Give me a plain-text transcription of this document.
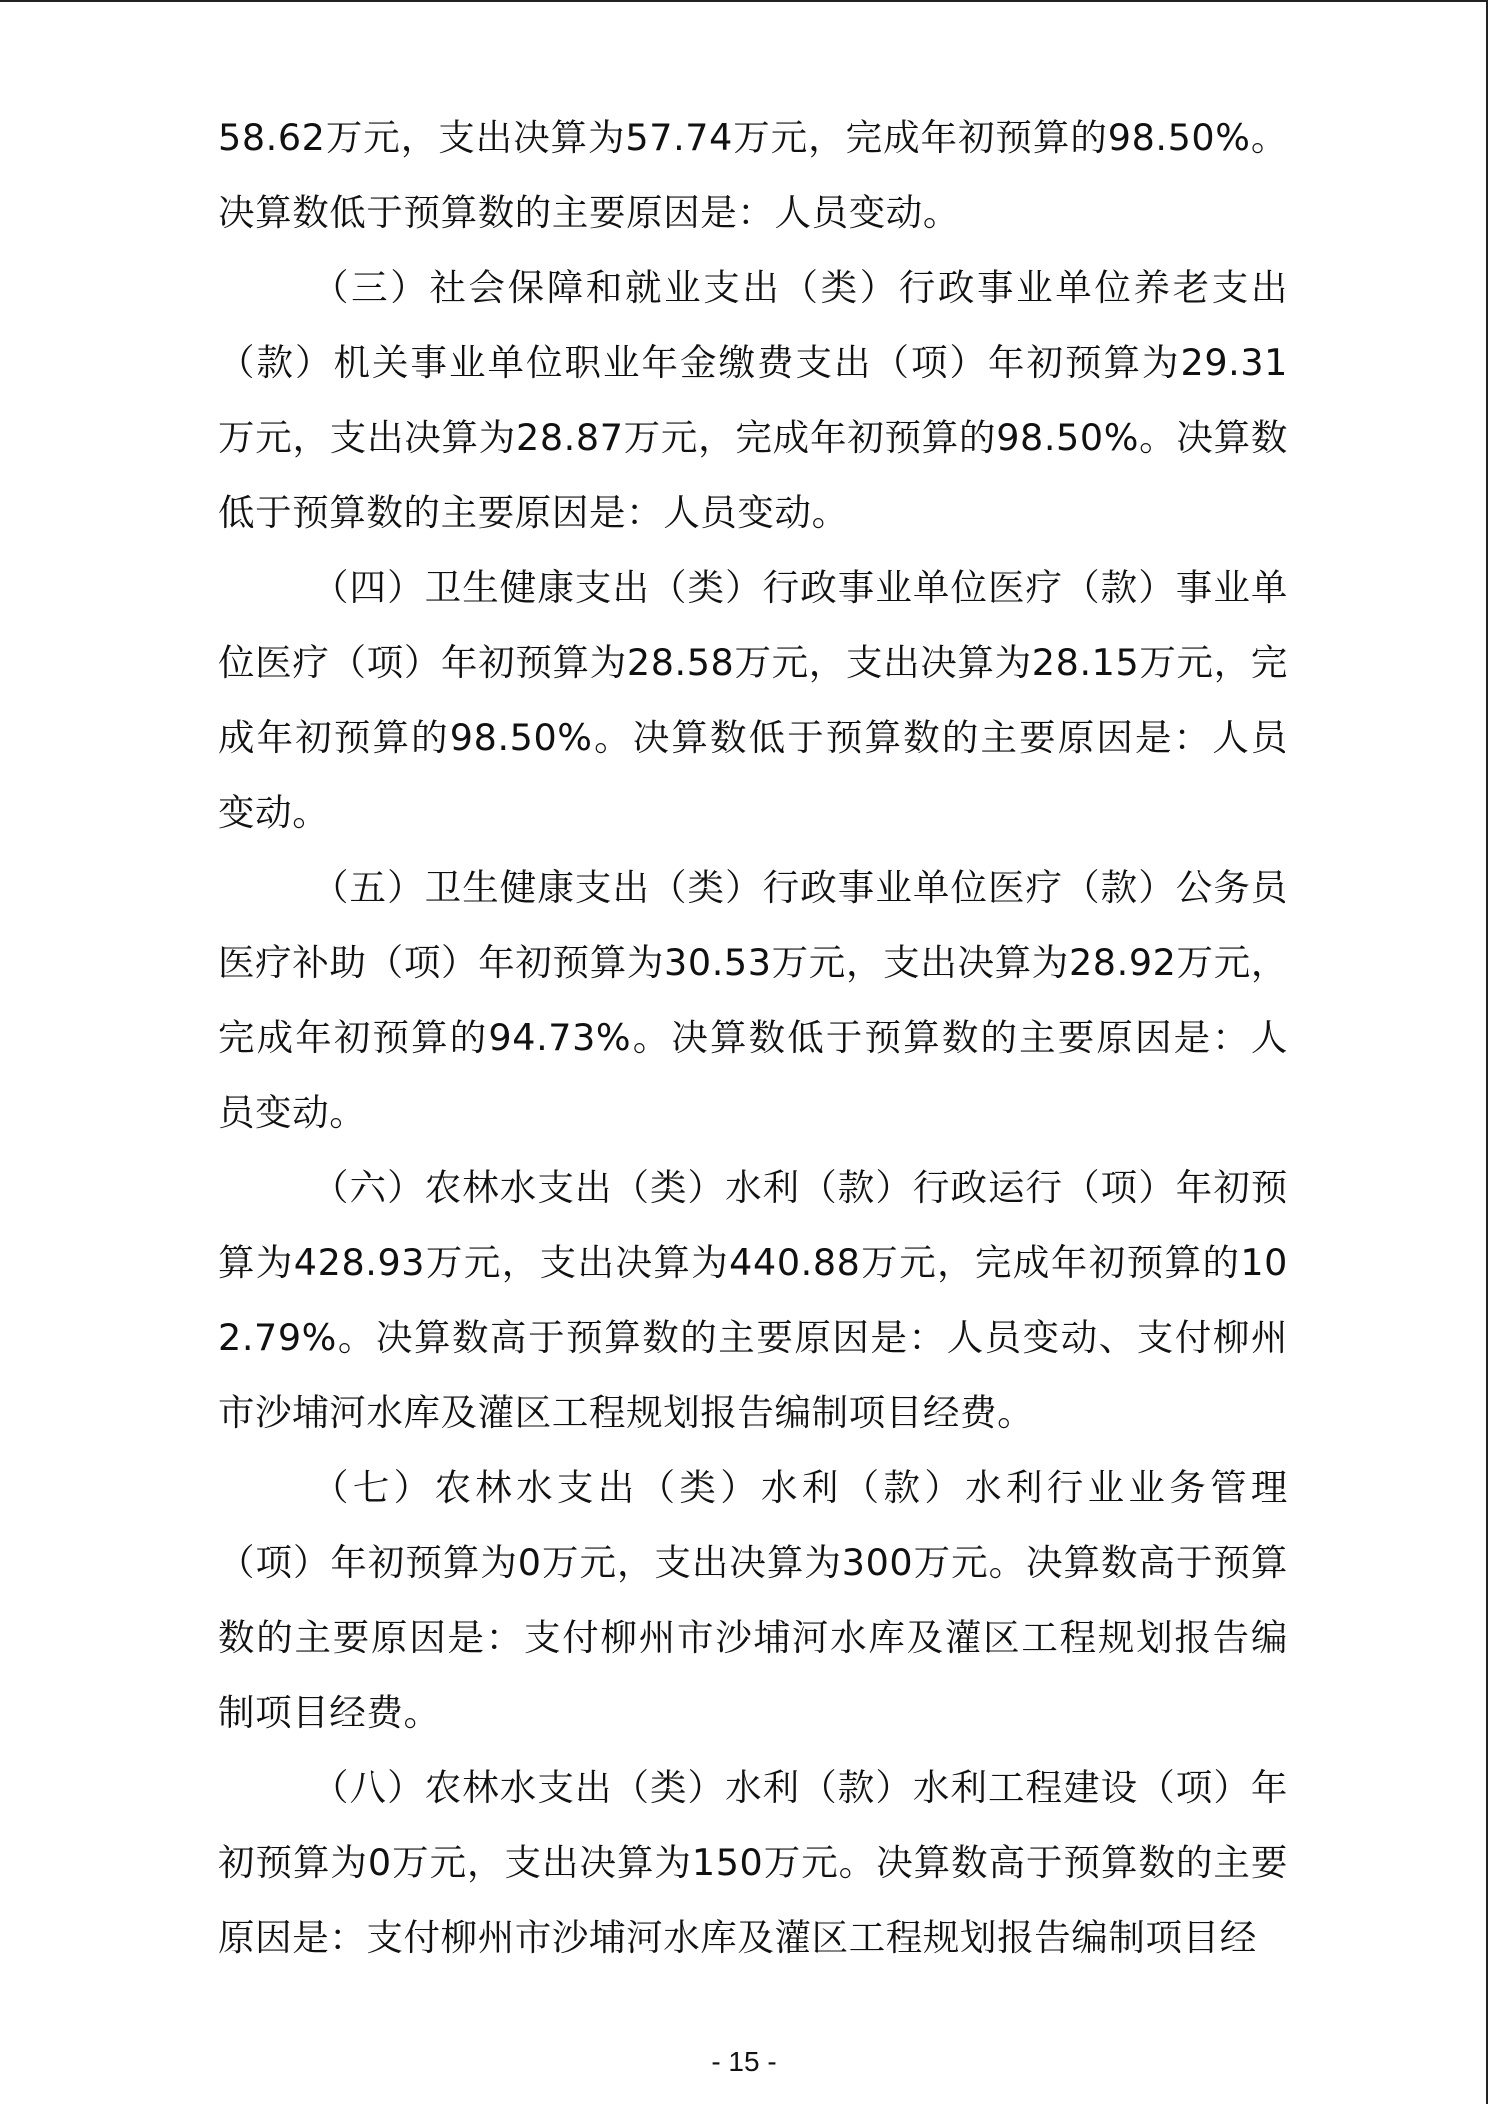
58.62万元，支出决算为57.74万元，完成年初预算的98.50%。决算数低于预算数的主要原因是：人员变动。

（三）社会保障和就业支出（类）行政事业单位养老支出（款）机关事业单位职业年金缴费支出（项）年初预算为29.31万元，支出决算为28.87万元，完成年初预算的98.50%。决算数低于预算数的主要原因是：人员变动。

（四）卫生健康支出（类）行政事业单位医疗（款）事业单位医疗（项）年初预算为28.58万元，支出决算为28.15万元，完成年初预算的98.50%。决算数低于预算数的主要原因是：人员变动。

（五）卫生健康支出（类）行政事业单位医疗（款）公务员医疗补助（项）年初预算为30.53万元，支出决算为28.92万元，完成年初预算的94.73%。决算数低于预算数的主要原因是：人员变动。

（六）农林水支出（类）水利（款）行政运行（项）年初预算为428.93万元，支出决算为440.88万元，完成年初预算的102.79%。决算数高于预算数的主要原因是：人员变动、支付柳州市沙埔河水库及灌区工程规划报告编制项目经费。

（七）农林水支出（类）水利（款）水利行业业务管理（项）年初预算为0万元，支出决算为300万元。决算数高于预算数的主要原因是：支付柳州市沙埔河水库及灌区工程规划报告编制项目经费。

（八）农林水支出（类）水利（款）水利工程建设（项）年初预算为0万元，支出决算为150万元。决算数高于预算数的主要原因是：支付柳州市沙埔河水库及灌区工程规划报告编制项目经

- 15 -
